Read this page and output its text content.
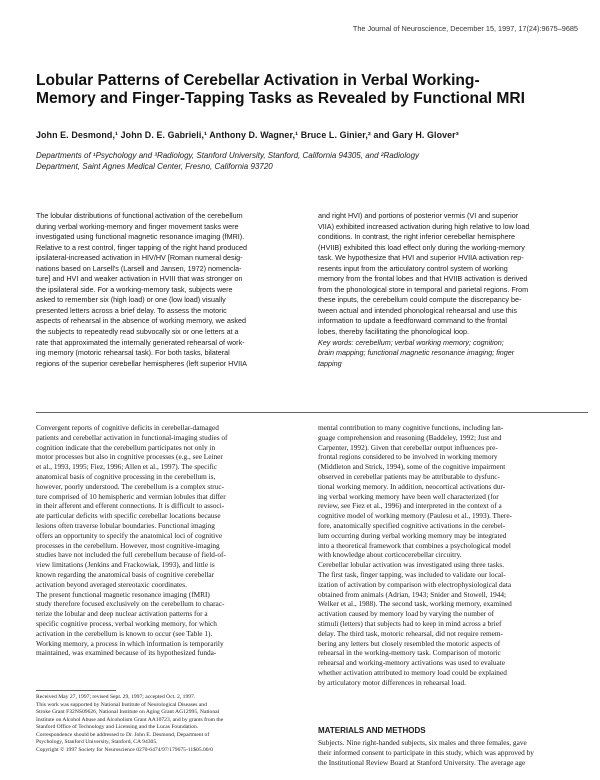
The Journal of Neuroscience, December 15, 1997, 17(24):9675–9685
Lobular Patterns of Cerebellar Activation in Verbal Working-
Memory and Finger-Tapping Tasks as Revealed by Functional MRI
John E. Desmond,¹ John D. E. Gabrieli,¹ Anthony D. Wagner,¹ Bruce L. Ginier,² and Gary H. Glover³
Departments of ¹Psychology and ³Radiology, Stanford University, Stanford, California 94305, and ²Radiology
Department, Saint Agnes Medical Center, Fresno, California 93720
The lobular distributions of functional activation of the cerebellum
during verbal working-memory and finger movement tasks were
investigated using functional magnetic resonance imaging (fMRI).
Relative to a rest control, finger tapping of the right hand produced
ipsilateral-increased activation in HIV/HV [Roman numeral desig-
nations based on Larsell's (Larsell and Jansen, 1972) nomencla-
ture] and HVI and weaker activation in HVIII that was stronger on
the ipsilateral side. For a working-memory task, subjects were
asked to remember six (high load) or one (low load) visually
presented letters across a brief delay. To assess the motoric
aspects of rehearsal in the absence of working memory, we asked
the subjects to repeatedly read subvocally six or one letters at a
rate that approximated the internally generated rehearsal of work-
ing memory (motoric rehearsal task). For both tasks, bilateral
regions of the superior cerebellar hemispheres (left superior HVIIA
and right HVI) and portions of posterior vermis (VI and superior
VIIA) exhibited increased activation during high relative to low load
conditions. In contrast, the right inferior cerebellar hemisphere
(HVIIB) exhibited this load effect only during the working-memory
task. We hypothesize that HVI and superior HVIIA activation rep-
resents input from the articulatory control system of working
memory from the frontal lobes and that HVIIB activation is derived
from the phonological store in temporal and parietal regions. From
these inputs, the cerebellum could compute the discrepancy be-
tween actual and intended phonological rehearsal and use this
information to update a feedforward command to the frontal
lobes, thereby facilitating the phonological loop.
Key words: cerebellum; verbal working memory; cognition;
brain mapping; functional magnetic resonance imaging; finger
tapping
Convergent reports of cognitive deficits in cerebellar-damaged
patients and cerebellar activation in functional-imaging studies of
cognition indicate that the cerebellum participates not only in
motor processes but also in cognitive processes (e.g., see Leiner
et al., 1993, 1995; Fiez, 1996; Allen et al., 1997). The specific
anatomical basis of cognitive processing in the cerebellum is,
however, poorly understood. The cerebellum is a complex struc-
ture comprised of 10 hemispheric and vermian lobules that differ
in their afferent and efferent connections. It is difficult to associ-
ate particular deficits with specific cerebellar locations because
lesions often traverse lobular boundaries. Functional imaging
offers an opportunity to specify the anatomical loci of cognitive
processes in the cerebellum. However, most cognitive-imaging
studies have not included the full cerebellum because of field-of-
view limitations (Jenkins and Frackowiak, 1993), and little is
known regarding the anatomical basis of cognitive cerebellar
activation beyond averaged stereotaxic coordinates.
The present functional magnetic resonance imaging (fMRI)
study therefore focused exclusively on the cerebellum to charac-
terize the lobular and deep nuclear activation patterns for a
specific cognitive process, verbal working memory, for which
activation in the cerebellum is known to occur (see Table 1).
Working memory, a process in which information is temporarily
maintained, was examined because of its hypothesized funda-
Received May 27, 1997; revised Sept. 29, 1997; accepted Oct. 2, 1997.
This work was supported by National Institute of Neurological Diseases and
Stroke Grant F32NS09626, National Institute on Aging Grant AG12995, National
Institute on Alcohol Abuse and Alcoholism Grant AA10723, and by grants from the
Stanford Office of Technology and Licensing and the Lucas Foundation.
Correspondence should be addressed to Dr. John E. Desmond, Department of
Psychology, Stanford University, Stanford, CA 94305.
Copyright © 1997 Society for Neuroscience 0270-6474/97/179675-11$05.00/0
mental contribution to many cognitive functions, including lan-
guage comprehension and reasoning (Baddeley, 1992; Just and
Carpenter, 1992). Given that cerebellar output influences pre-
frontal regions considered to be involved in working memory
(Middleton and Strick, 1994), some of the cognitive impairment
observed in cerebellar patients may be attributable to dysfunc-
tional working memory. In addition, neocortical activations dur-
ing verbal working memory have been well characterized (for
review, see Fiez et al., 1996) and interpreted in the context of a
cognitive model of working memory (Paulesu et al., 1993). There-
fore, anatomically specified cognitive activations in the cerebel-
lum occurring during verbal working memory may be integrated
into a theoretical framework that combines a psychological model
with knowledge about corticocerebellar circuitry.
Cerebellar lobular activation was investigated using three tasks.
The first task, finger tapping, was included to validate our local-
ization of activation by comparison with electrophysiological data
obtained from animals (Adrian, 1943; Snider and Stowell, 1944;
Welker et al., 1988). The second task, working memory, examined
activation caused by memory load by varying the number of
stimuli (letters) that subjects had to keep in mind across a brief
delay. The third task, motoric rehearsal, did not require remem-
bering any letters but closely resembled the motoric aspects of
rehearsal in the working-memory task. Comparison of motoric
rehearsal and working-memory activations was used to evaluate
whether activation attributed to memory load could be explained
by articulatory motor differences in rehearsal load.
MATERIALS AND METHODS
Subjects. Nine right-handed subjects, six males and three females, gave
their informed consent to participate in this study, which was approved by
the Institutional Review Board at Stanford University. The average age
